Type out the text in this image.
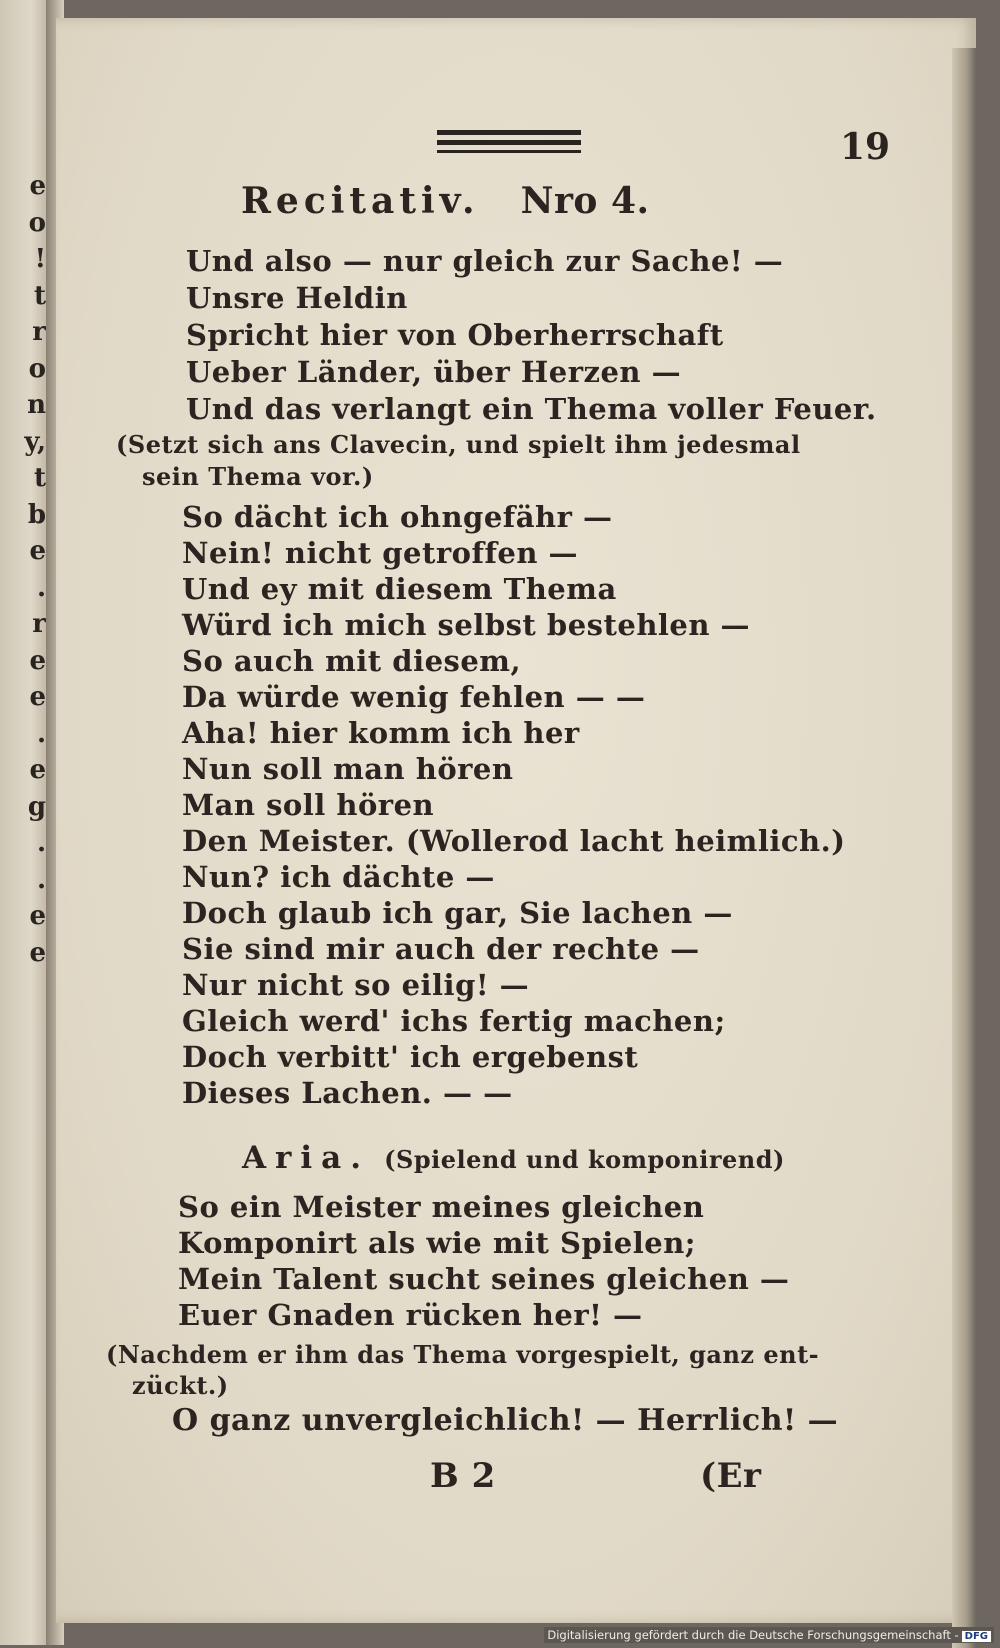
e
o
!
t
r
o
n
y,
t
b
e
.
r
e
e
.
e
g
.
.
e
e
19
Recitativ. Nro 4.
Und also — nur gleich zur Sache! —
Unsre Heldin
Spricht hier von Oberherrschaft
Ueber Länder, über Herzen —
Und das verlangt ein Thema voller Feuer.
(Setzt sich ans Clavecin, und spielt ihm jedesmal
sein Thema vor.)
So dächt ich ohngefähr —
Nein! nicht getroffen —
Und ey mit diesem Thema
Würd ich mich selbst bestehlen —
So auch mit diesem,
Da würde wenig fehlen — —
Aha! hier komm ich her
Nun soll man hören
Man soll hören
Den Meister. (Wollerod lacht heimlich.)
Nun? ich dächte —
Doch glaub ich gar, Sie lachen —
Sie sind mir auch der rechte —
Nur nicht so eilig! —
Gleich werd' ichs fertig machen;
Doch verbitt' ich ergebenst
Dieses Lachen. — —
Aria. (Spielend und komponirend)
So ein Meister meines gleichen
Komponirt als wie mit Spielen;
Mein Talent sucht seines gleichen —
Euer Gnaden rücken her! —
(Nachdem er ihm das Thema vorgespielt, ganz ent-
zückt.)
O ganz unvergleichlich! — Herrlich! —
B 2	(Er
Digitalisierung gefördert durch die Deutsche Forschungsgemeinschaft - DFG
